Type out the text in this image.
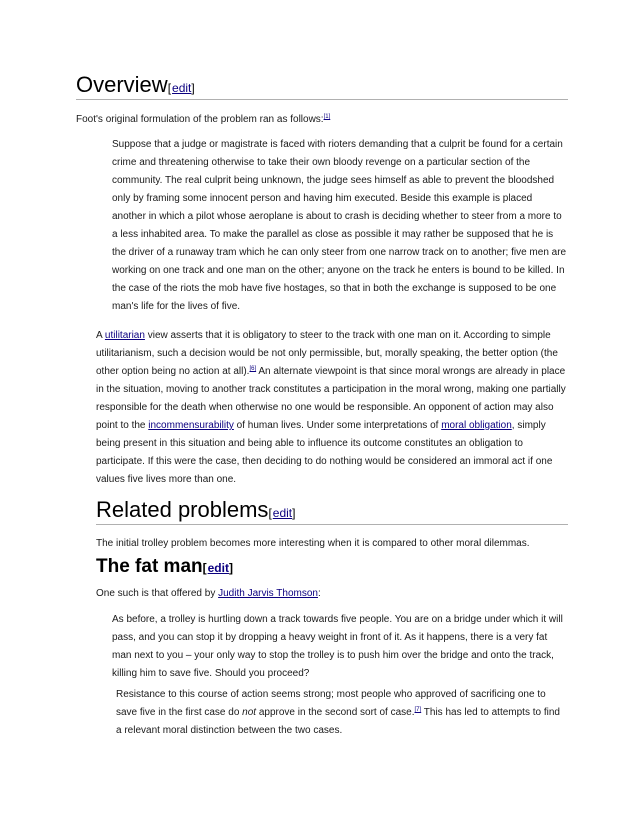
Overview[edit]
Foot's original formulation of the problem ran as follows:[1]
Suppose that a judge or magistrate is faced with rioters demanding that a culprit be found for a certain
crime and threatening otherwise to take their own bloody revenge on a particular section of the
community. The real culprit being unknown, the judge sees himself as able to prevent the bloodshed
only by framing some innocent person and having him executed. Beside this example is placed
another in which a pilot whose aeroplane is about to crash is deciding whether to steer from a more to
a less inhabited area. To make the parallel as close as possible it may rather be supposed that he is
the driver of a runaway tram which he can only steer from one narrow track on to another; five men are
working on one track and one man on the other; anyone on the track he enters is bound to be killed. In
the case of the riots the mob have five hostages, so that in both the exchange is supposed to be one
man's life for the lives of five.
A utilitarian view asserts that it is obligatory to steer to the track with one man on it. According to simple
utilitarianism, such a decision would be not only permissible, but, morally speaking, the better option (the
other option being no action at all).[6] An alternate viewpoint is that since moral wrongs are already in place
in the situation, moving to another track constitutes a participation in the moral wrong, making one partially
responsible for the death when otherwise no one would be responsible. An opponent of action may also
point to the incommensurability of human lives. Under some interpretations of moral obligation, simply
being present in this situation and being able to influence its outcome constitutes an obligation to
participate. If this were the case, then deciding to do nothing would be considered an immoral act if one
values five lives more than one.
Related problems[edit]
The initial trolley problem becomes more interesting when it is compared to other moral dilemmas.
The fat man[edit]
One such is that offered by Judith Jarvis Thomson:
As before, a trolley is hurtling down a track towards five people. You are on a bridge under which it will
pass, and you can stop it by dropping a heavy weight in front of it. As it happens, there is a very fat
man next to you – your only way to stop the trolley is to push him over the bridge and onto the track,
killing him to save five. Should you proceed?
Resistance to this course of action seems strong; most people who approved of sacrificing one to
save five in the first case do not approve in the second sort of case.[7] This has led to attempts to find
a relevant moral distinction between the two cases.
